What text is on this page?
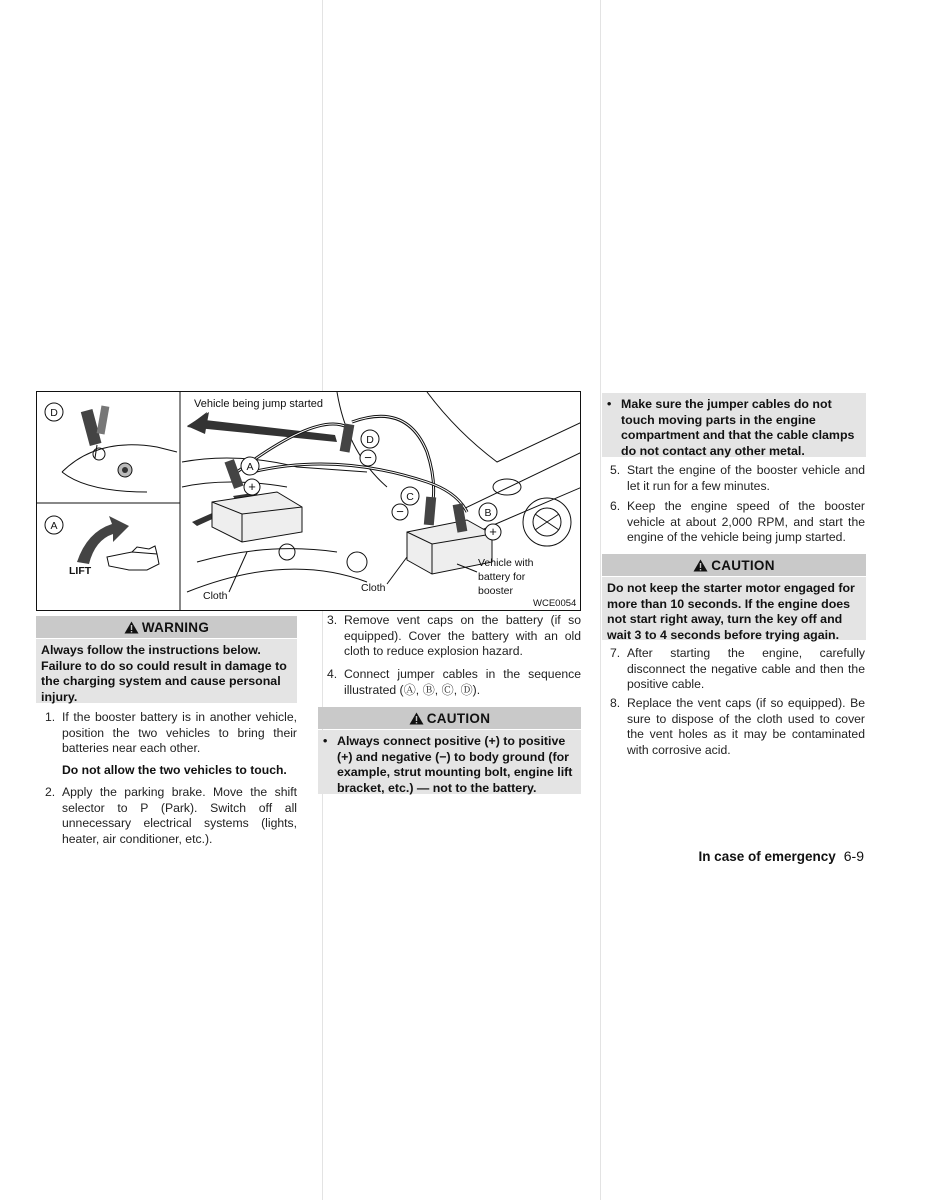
D
A
LIFT
Vehicle being jump started
A
+
D
−
C
−	B
+
Cloth
Cloth
Vehicle with
battery for
booster
WCE0054
WARNING
Always follow the instructions below. Failure to do so could result in damage to the charging system and cause personal injury.
1. If the booster battery is in another vehicle, position the two vehicles to bring their batteries near each other.
Do not allow the two vehicles to touch.
2. Apply the parking brake. Move the shift selector to P (Park). Switch off all unnecessary electrical systems (lights, heater, air conditioner, etc.).
3. Remove vent caps on the battery (if so equipped). Cover the battery with an old cloth to reduce explosion hazard.
4. Connect jumper cables in the sequence illustrated (Ⓐ, Ⓑ, Ⓒ, Ⓓ).
CAUTION
• Always connect positive (+) to positive (+) and negative (−) to body ground (for example, strut mounting bolt, engine lift bracket, etc.) — not to the battery.
• Make sure the jumper cables do not touch moving parts in the engine compartment and that the cable clamps do not contact any other metal.
5. Start the engine of the booster vehicle and let it run for a few minutes.
6. Keep the engine speed of the booster vehicle at about 2,000 RPM, and start the engine of the vehicle being jump started.
CAUTION
Do not keep the starter motor engaged for more than 10 seconds. If the engine does not start right away, turn the key off and wait 3 to 4 seconds before trying again.
7. After starting the engine, carefully disconnect the negative cable and then the positive cable.
8. Replace the vent caps (if so equipped). Be sure to dispose of the cloth used to cover the vent holes as it may be contaminated with corrosive acid.
In case of emergency 6-9
